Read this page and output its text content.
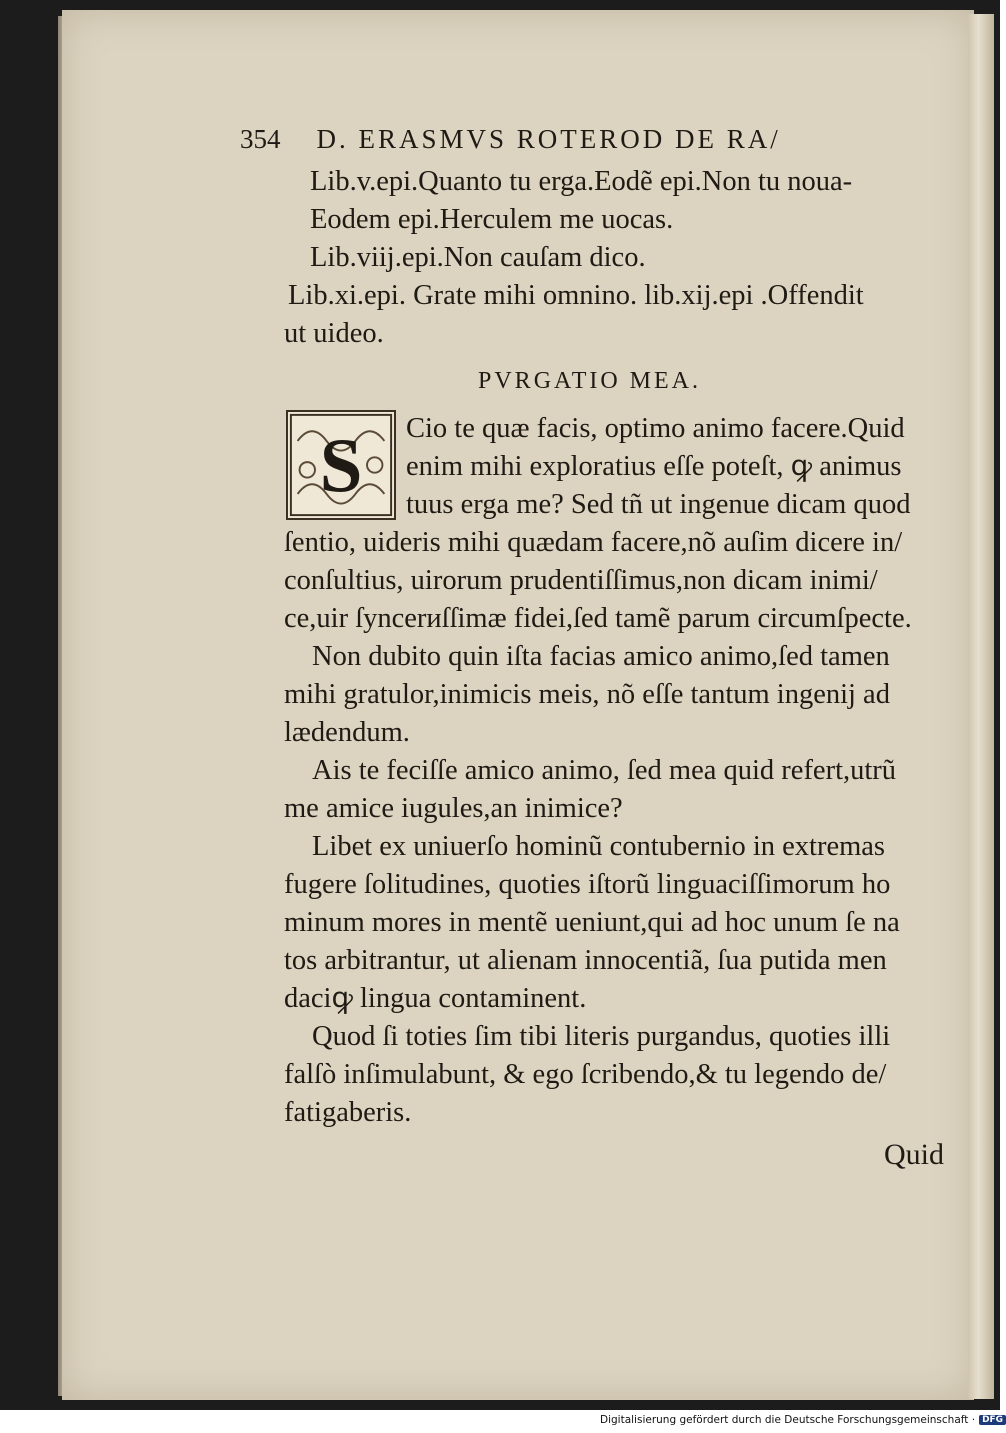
354 D. ERASMVS ROTEROD DE RA/
Lib.v.epi.Quanto tu erga.Eodẽ epi.Non tu noua-
Eodem epi.Herculem me uocas.
Lib.viij.epi.Non cauſam dico.
Lib.xi.epi. Grate mihi omnino. lib.xij.epi .Offendit
ut uideo.
PVRGATIO MEA.
S Cio te quæ facis, optimo animo facere.Quid
enim mihi exploratius eſſe poteſt, ꝙ animus
tuus erga me? Sed tñ ut ingenue dicam quod
ſentio, uideris mihi quædam facere,nõ auſim dicere in/
conſultius, uirorum prudentiſſimus,non dicam inimi/
ce,uir ſyncerиſſimæ fidei,ſed tamẽ parum circumſpecte.
Non dubito quin iſta facias amico animo,ſed tamen
mihi gratulor,inimicis meis, nõ eſſe tantum ingenij ad
lædendum.
Ais te feciſſe amico animo, ſed mea quid refert,utrũ
me amice iugules,an inimice?
Libet ex uniuerſo hominũ contubernio in extremas
fugere ſolitudines, quoties iſtorũ linguaciſſimorum ho
minum mores in mentẽ ueniunt,qui ad hoc unum ſe na
tos arbitrantur, ut alienam innocentiã, ſua putida men
daciꝙ lingua contaminent.
Quod ſi toties ſim tibi literis purgandus, quoties illi
falſò inſimulabunt, & ego ſcribendo,& tu legendo de/
fatigaberis.
Quid
Digitalisierung gefördert durch die Deutsche Forschungsgemeinschaft · DFG
